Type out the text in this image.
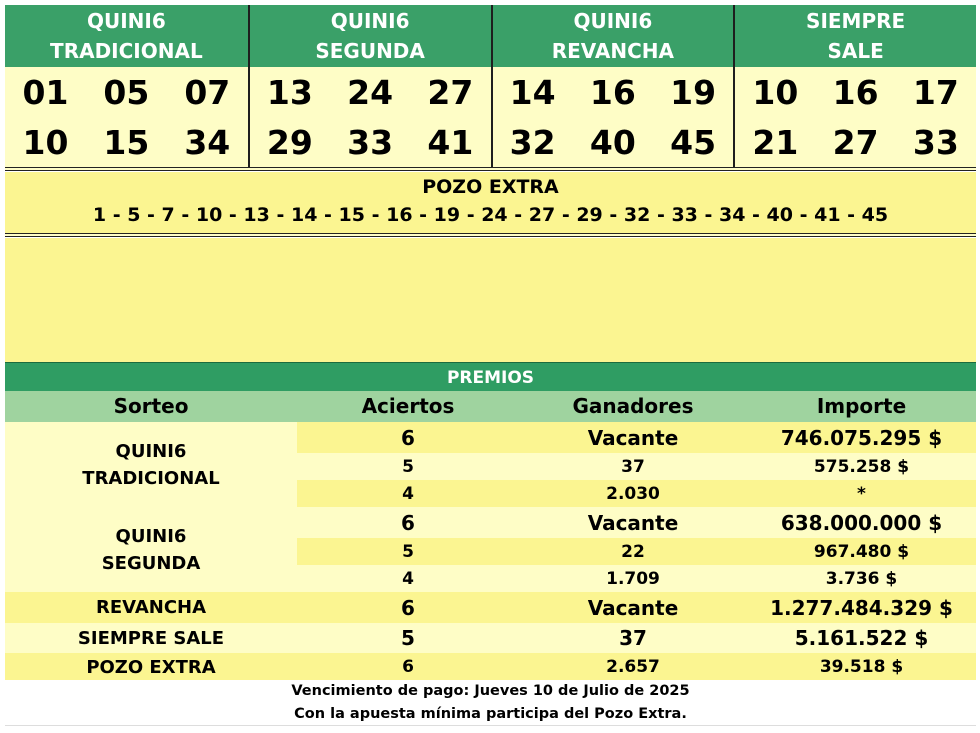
QUINI6
TRADICIONAL
01 05 07
10 15 34
QUINI6
SEGUNDA
13 24 27
29 33 41
QUINI6
REVANCHA
14 16 19
32 40 45
SIEMPRE
SALE
10 16 17
21 27 33
POZO EXTRA
1 - 5 - 7 - 10 - 13 - 14 - 15 - 16 - 19 - 24 - 27 - 29 - 32 - 33 - 34 - 40 - 41 - 45
PREMIOS
Sorteo	Aciertos	Ganadores	Importe
QUINI6
TRADICIONAL
6	Vacante	746.075.295 $
5	37	575.258 $
4	2.030	*
QUINI6
SEGUNDA
6	Vacante	638.000.000 $
5	22	967.480 $
4	1.709	3.736 $
REVANCHA	6	Vacante	1.277.484.329 $
SIEMPRE SALE	5	37	5.161.522 $
POZO EXTRA	6	2.657	39.518 $
Vencimiento de pago: Jueves 10 de Julio de 2025
Con la apuesta mínima participa del Pozo Extra.
